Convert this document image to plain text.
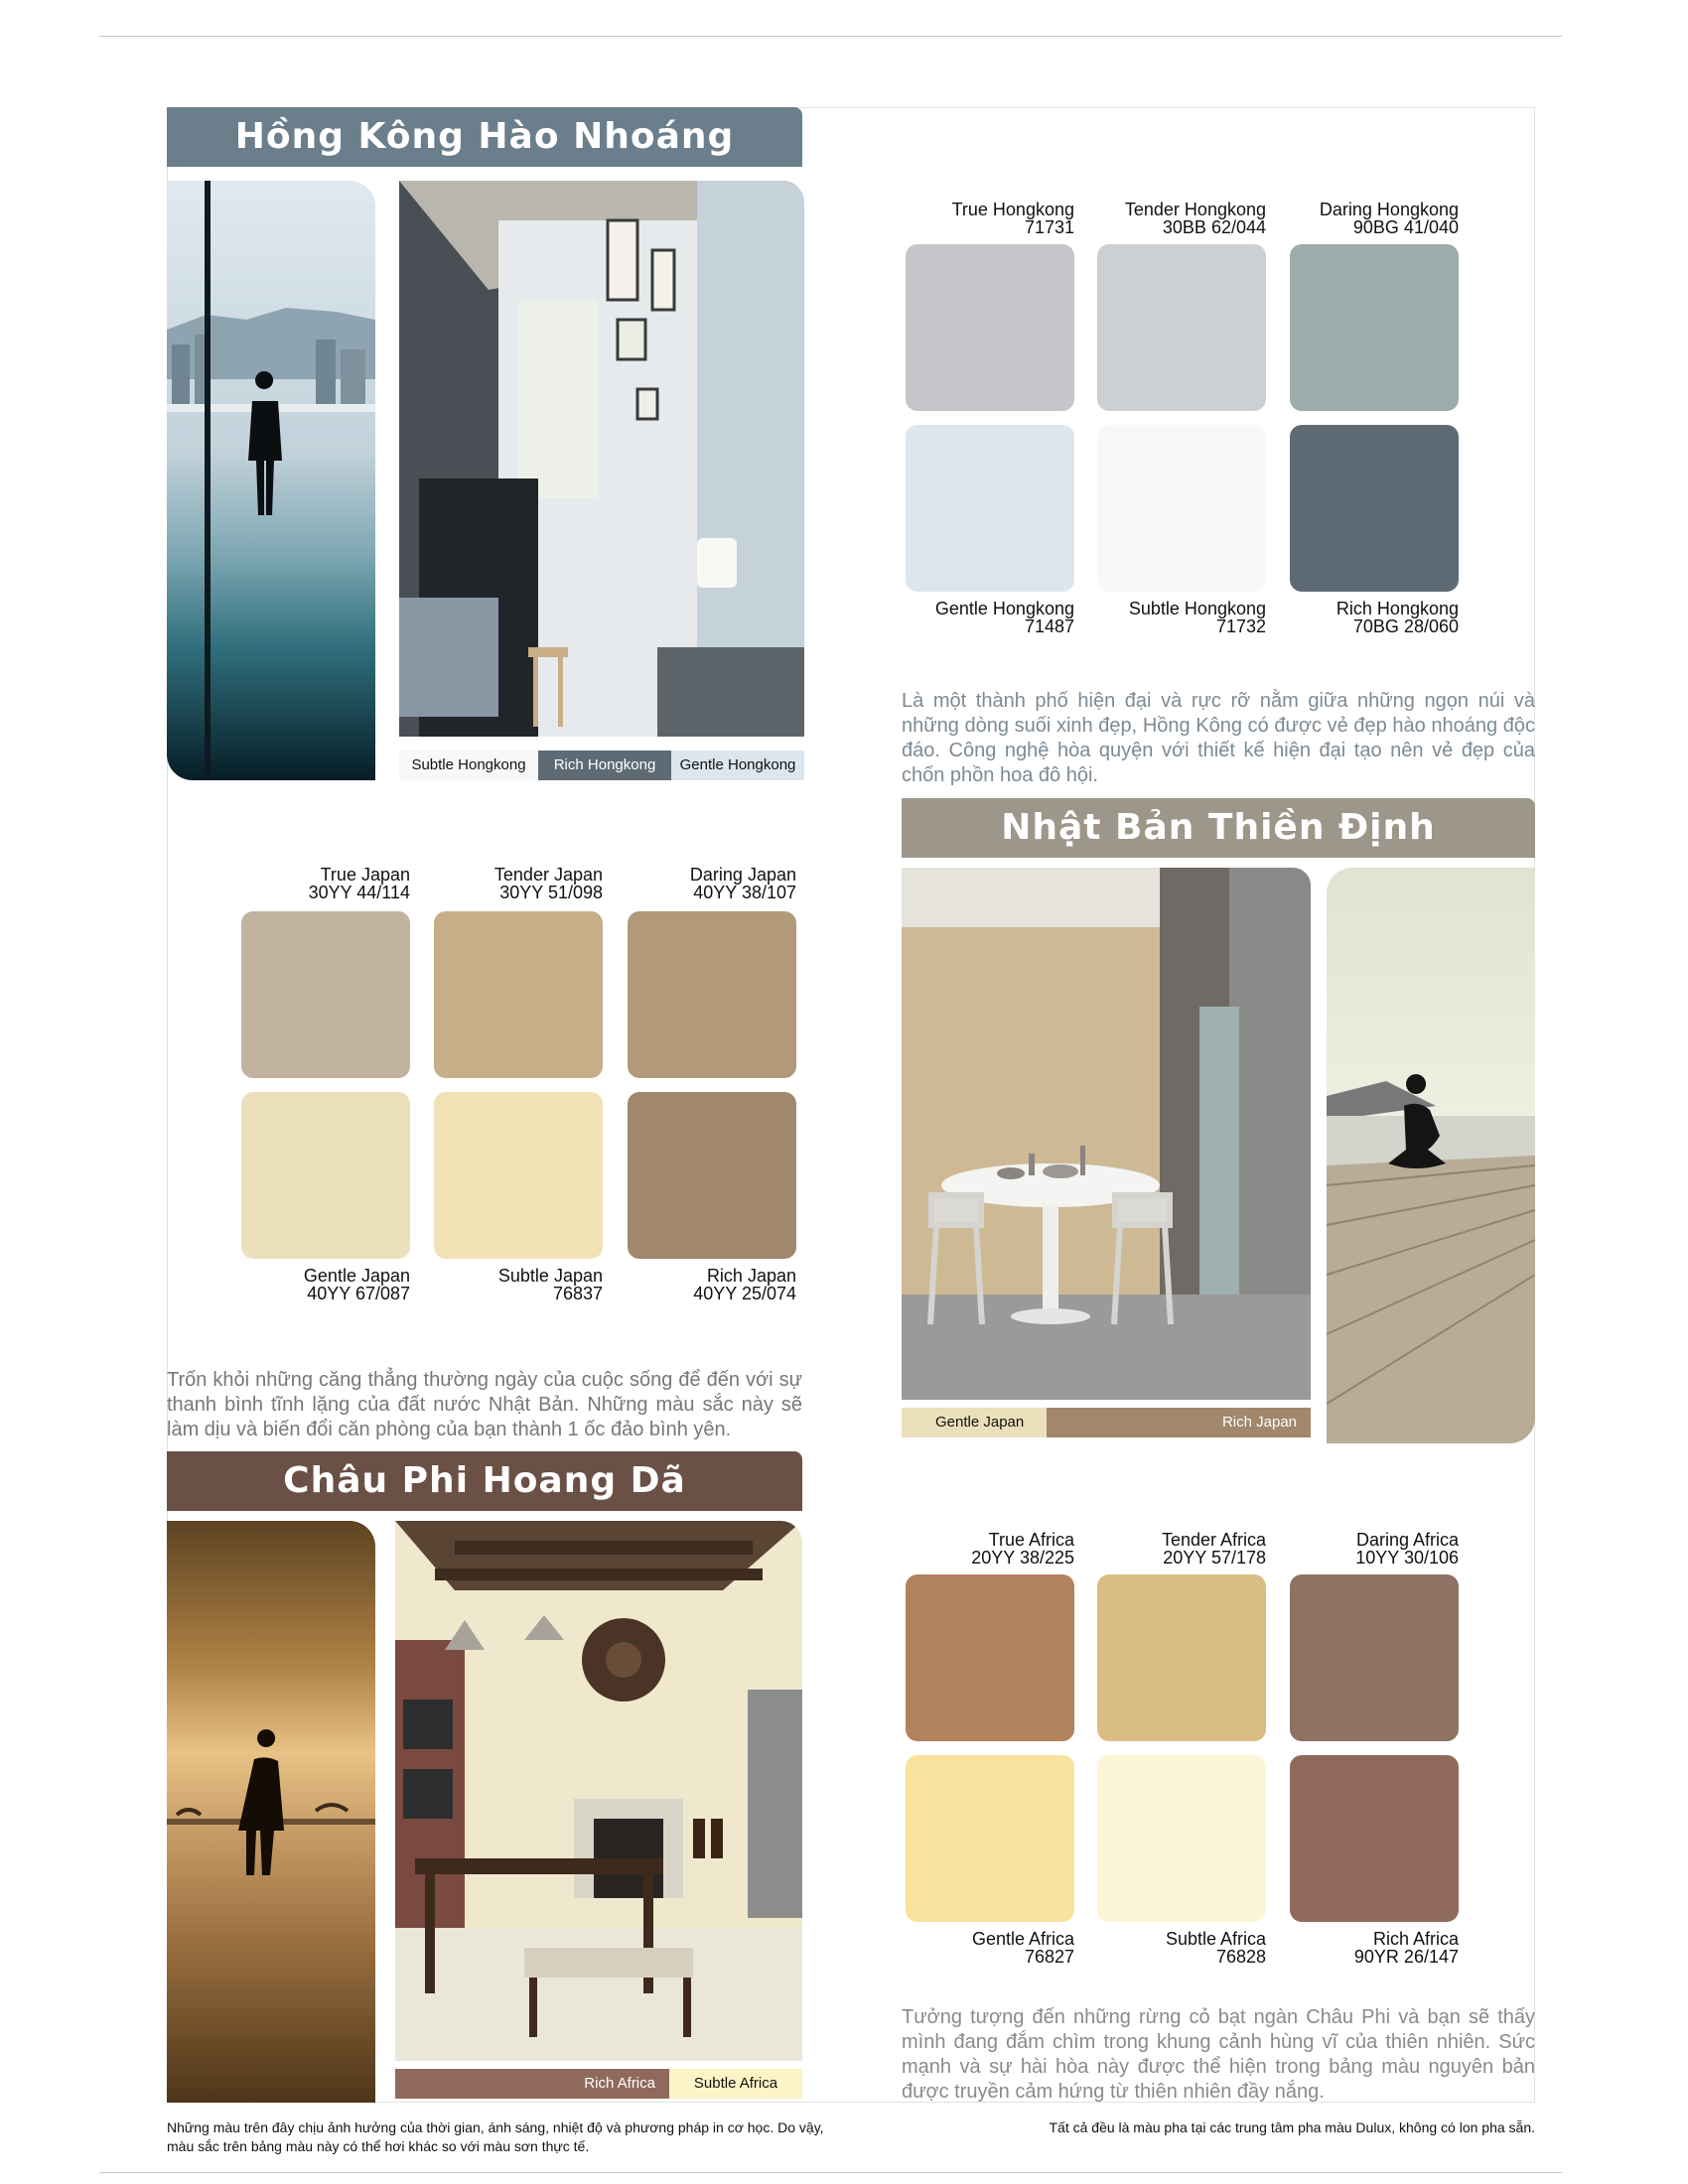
Hồng Kông Hào Nhoáng
Subtle Hongkong	Rich Hongkong	Gentle Hongkong
True Hongkong
71731
Tender Hongkong
30BB 62/044
Daring Hongkong
90BG 41/040
Gentle Hongkong
71487
Subtle Hongkong
71732
Rich Hongkong
70BG 28/060
Là một thành phố hiện đại và rực rỡ nằm giữa những ngọn núi và những dòng suối xinh đẹp, Hồng Kông có được vẻ đẹp hào nhoáng độc đáo. Công nghệ hòa quyện với thiết kế hiện đại tạo nên vẻ đẹp của chốn phồn hoa đô hội.
True Japan
30YY 44/114
Tender Japan
30YY 51/098
Daring Japan
40YY 38/107
Gentle Japan
40YY 67/087
Subtle Japan
76837
Rich Japan
40YY 25/074
Trốn khỏi những căng thẳng thường ngày của cuộc sống để đến với sự thanh bình tĩnh lặng của đất nước Nhật Bản. Những màu sắc này sẽ làm dịu và biến đổi căn phòng của bạn thành 1 ốc đảo bình yên.
Nhật Bản Thiền Định
Gentle Japan	Rich Japan
Châu Phi Hoang Dã
Rich Africa	Subtle Africa
True Africa
20YY 38/225
Tender Africa
20YY 57/178
Daring Africa
10YY 30/106
Gentle Africa
76827
Subtle Africa
76828
Rich Africa
90YR 26/147
Tưởng tượng đến những rừng cỏ bạt ngàn Châu Phi và bạn sẽ thấy mình đang đắm chìm trong khung cảnh hùng vĩ của thiên nhiên. Sức mạnh và sự hài hòa này được thể hiện trong bảng màu nguyên bản được truyền cảm hứng từ thiên nhiên đầy nắng.
Những màu trên đây chịu ảnh hưởng của thời gian, ánh sáng, nhiệt độ và phương pháp in cơ học. Do vậy, màu sắc trên bảng màu này có thể hơi khác so với màu sơn thực tế.
Tất cả đều là màu pha tại các trung tâm pha màu Dulux, không có lon pha sẵn.
